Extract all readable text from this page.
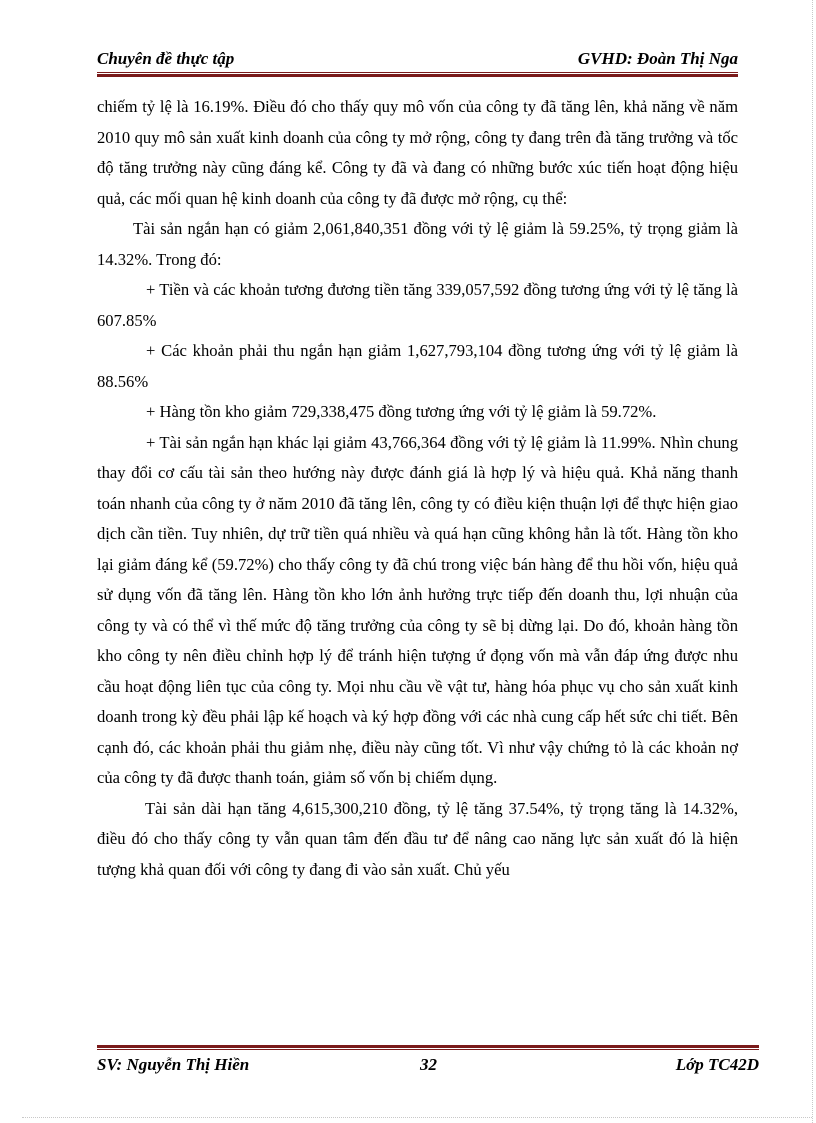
Chuyên đề thực tập	GVHD: Đoàn Thị Nga

chiếm tỷ lệ là 16.19%. Điều đó cho thấy quy mô vốn của công ty đã tăng lên, khả năng về năm 2010 quy mô sản xuất kinh doanh của công ty mở rộng, công ty đang trên đà tăng trưởng và tốc độ tăng trưởng này cũng đáng kể. Công ty đã và đang có những bước xúc tiến hoạt động hiệu quả, các mối quan hệ kinh doanh của công ty đã được mở rộng, cụ thể:

Tài sản ngắn hạn có giảm 2,061,840,351 đồng với tỷ lệ giảm là 59.25%, tỷ trọng giảm là 14.32%. Trong đó:

+ Tiền và các khoản tương đương tiền tăng 339,057,592 đồng tương ứng với tỷ lệ tăng là 607.85%

+ Các khoản phải thu ngắn hạn giảm 1,627,793,104 đồng tương ứng với tỷ lệ giảm là 88.56%

+ Hàng tồn kho giảm 729,338,475 đồng tương ứng với tỷ lệ giảm là 59.72%.

+ Tài sản ngắn hạn khác lại giảm 43,766,364 đồng với tỷ lệ giảm là 11.99%. Nhìn chung thay đổi cơ cấu tài sản theo hướng này được đánh giá là hợp lý và hiệu quả. Khả năng thanh toán nhanh của công ty ở năm 2010 đã tăng lên, công ty có điều kiện thuận lợi để thực hiện giao dịch cần tiền. Tuy nhiên, dự trữ tiền quá nhiều và quá hạn cũng không hẳn là tốt. Hàng tồn kho lại giảm đáng kể (59.72%) cho thấy công ty đã chú trong việc bán hàng để thu hồi vốn, hiệu quả sử dụng vốn đã tăng lên. Hàng tồn kho lớn ảnh hưởng trực tiếp đến doanh thu, lợi nhuận của công ty và có thể vì thế mức độ tăng trưởng của công ty sẽ bị dừng lại. Do đó, khoản hàng tồn kho công ty nên điều chỉnh hợp lý để tránh hiện tượng ứ đọng vốn mà vẫn đáp ứng được nhu cầu hoạt động liên tục của công ty. Mọi nhu cầu về vật tư, hàng hóa phục vụ cho sản xuất kinh doanh trong kỳ đều phải lập kế hoạch và ký hợp đồng với các nhà cung cấp hết sức chi tiết. Bên cạnh đó, các khoản phải thu giảm nhẹ, điều này cũng tốt. Vì như vậy chứng tỏ là các khoản nợ của công ty đã được thanh toán, giảm số vốn bị chiếm dụng.

Tài sản dài hạn tăng 4,615,300,210 đồng, tỷ lệ tăng 37.54%, tỷ trọng tăng là 14.32%, điều đó cho thấy công ty vẫn quan tâm đến đầu tư để nâng cao năng lực sản xuất đó là hiện tượng khả quan đối với công ty đang đi vào sản xuất. Chủ yếu

SV: Nguyễn Thị Hiền	32	Lớp TC42D
